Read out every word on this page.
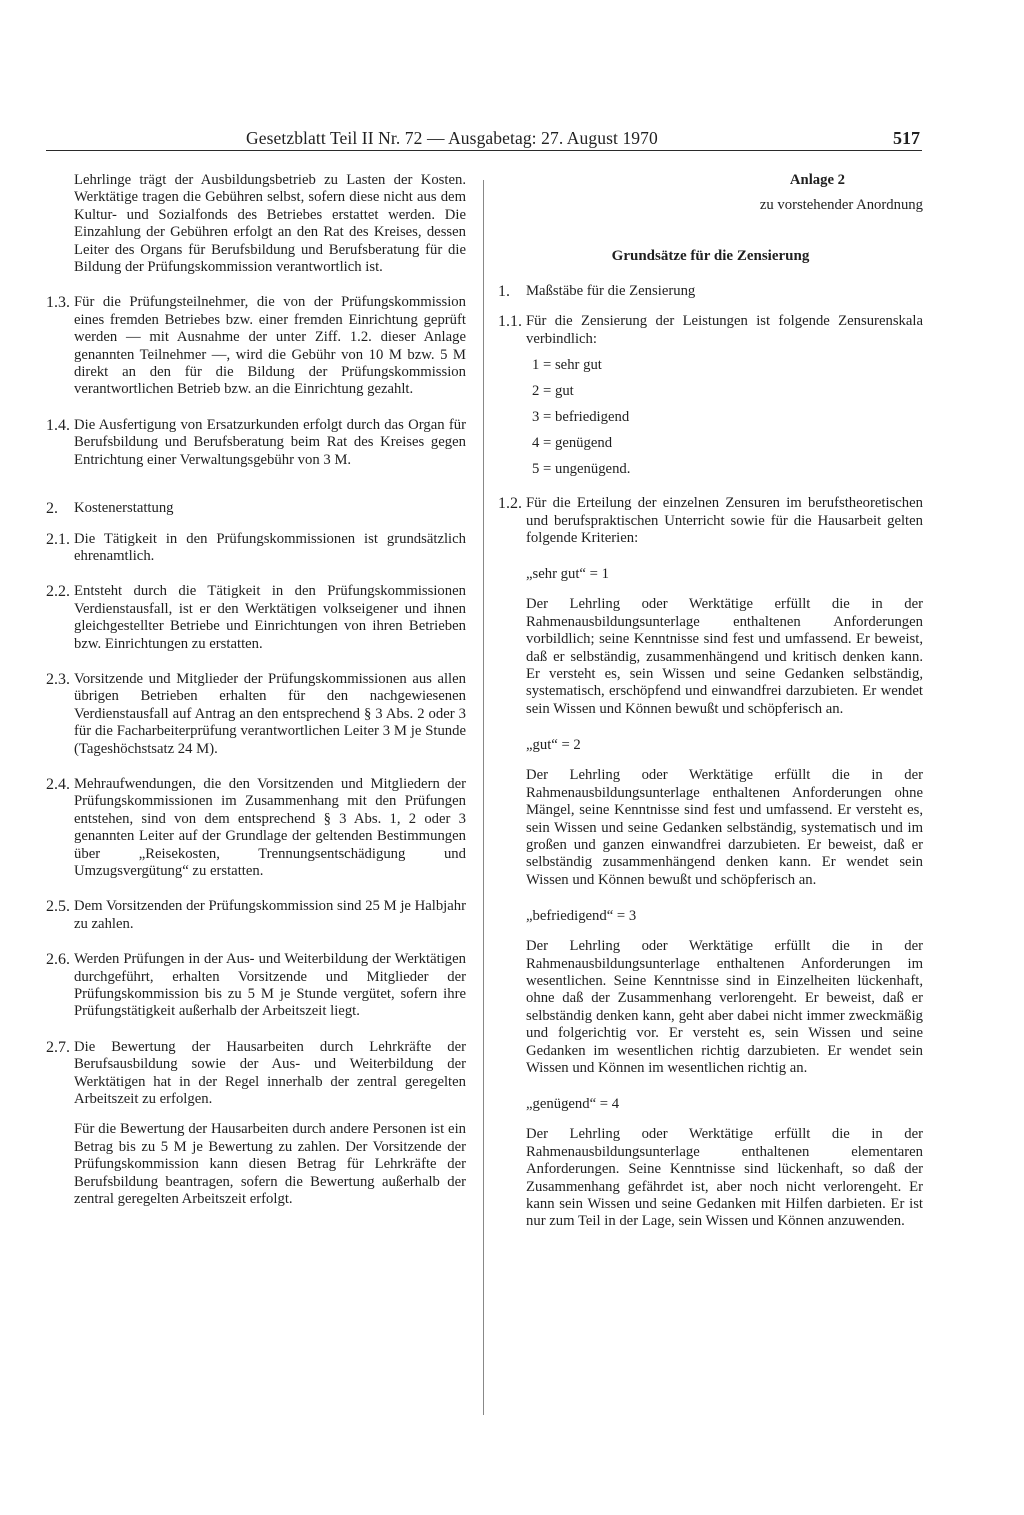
Gesetzblatt Teil II Nr. 72 — Ausgabetag: 27. August 1970	517

Lehrlinge trägt der Ausbildungsbetrieb zu Lasten der Kosten. Werktätige tragen die Gebühren selbst, sofern diese nicht aus dem Kultur- und Sozialfonds des Betriebes erstattet werden. Die Einzahlung der Gebühren erfolgt an den Rat des Kreises, dessen Leiter des Organs für Berufsbildung und Berufsberatung für die Bildung der Prüfungskommission verantwortlich ist.

1.3. Für die Prüfungsteilnehmer, die von der Prüfungskommission eines fremden Betriebes bzw. einer fremden Einrichtung geprüft werden — mit Ausnahme der unter Ziff. 1.2. dieser Anlage genannten Teilnehmer —, wird die Gebühr von 10 M bzw. 5 M direkt an den für die Bildung der Prüfungskommission verantwortlichen Betrieb bzw. an die Einrichtung gezahlt.

1.4. Die Ausfertigung von Ersatzurkunden erfolgt durch das Organ für Berufsbildung und Berufsberatung beim Rat des Kreises gegen Entrichtung einer Verwaltungsgebühr von 3 M.

2. Kostenerstattung

2.1. Die Tätigkeit in den Prüfungskommissionen ist grundsätzlich ehrenamtlich.

2.2. Entsteht durch die Tätigkeit in den Prüfungskommissionen Verdienstausfall, ist er den Werktätigen volkseigener und ihnen gleichgestellter Betriebe und Einrichtungen von ihren Betrieben bzw. Einrichtungen zu erstatten.

2.3. Vorsitzende und Mitglieder der Prüfungskommissionen aus allen übrigen Betrieben erhalten für den nachgewiesenen Verdienstausfall auf Antrag an den entsprechend § 3 Abs. 2 oder 3 für die Facharbeiterprüfung verantwortlichen Leiter 3 M je Stunde (Tageshöchstsatz 24 M).

2.4. Mehraufwendungen, die den Vorsitzenden und Mitgliedern der Prüfungskommissionen im Zusammenhang mit den Prüfungen entstehen, sind von dem entsprechend § 3 Abs. 1, 2 oder 3 genannten Leiter auf der Grundlage der geltenden Bestimmungen über „Reisekosten, Trennungsentschädigung und Umzugsvergütung“ zu erstatten.

2.5. Dem Vorsitzenden der Prüfungskommission sind 25 M je Halbjahr zu zahlen.

2.6. Werden Prüfungen in der Aus- und Weiterbildung der Werktätigen durchgeführt, erhalten Vorsitzende und Mitglieder der Prüfungskommission bis zu 5 M je Stunde vergütet, sofern ihre Prüfungstätigkeit außerhalb der Arbeitszeit liegt.

2.7. Die Bewertung der Hausarbeiten durch Lehrkräfte der Berufsausbildung sowie der Aus- und Weiterbildung der Werktätigen hat in der Regel innerhalb der zentral geregelten Arbeitszeit zu erfolgen.

Für die Bewertung der Hausarbeiten durch andere Personen ist ein Betrag bis zu 5 M je Bewertung zu zahlen. Der Vorsitzende der Prüfungskommission kann diesen Betrag für Lehrkräfte der Berufsbildung beantragen, sofern die Bewertung außerhalb der zentral geregelten Arbeitszeit erfolgt.

Anlage 2
zu vorstehender Anordnung
Grundsätze für die Zensierung
1. Maßstäbe für die Zensierung

1.1. Für die Zensierung der Leistungen ist folgende Zensurenskala verbindlich:

1 = sehr gut
2 = gut
3 = befriedigend
4 = genügend
5 = ungenügend.
1.2. Für die Erteilung der einzelnen Zensuren im berufstheoretischen und berufspraktischen Unterricht sowie für die Hausarbeit gelten folgende Kriterien:

„sehr gut“ = 1

Der Lehrling oder Werktätige erfüllt die in der Rahmenausbildungsunterlage enthaltenen Anforderungen vorbildlich; seine Kenntnisse sind fest und umfassend. Er beweist, daß er selbständig, zusammenhängend und kritisch denken kann. Er versteht es, sein Wissen und seine Gedanken selbständig, systematisch, erschöpfend und einwandfrei darzubieten. Er wendet sein Wissen und Können bewußt und schöpferisch an.

„gut“ = 2

Der Lehrling oder Werktätige erfüllt die in der Rahmenausbildungsunterlage enthaltenen Anforderungen ohne Mängel, seine Kenntnisse sind fest und umfassend. Er versteht es, sein Wissen und seine Gedanken selbständig, systematisch und im großen und ganzen einwandfrei darzubieten. Er beweist, daß er selbständig zusammenhängend denken kann. Er wendet sein Wissen und Können bewußt und schöpferisch an.

„befriedigend“ = 3

Der Lehrling oder Werktätige erfüllt die in der Rahmenausbildungsunterlage enthaltenen Anforderungen im wesentlichen. Seine Kenntnisse sind in Einzelheiten lückenhaft, ohne daß der Zusammenhang verlorengeht. Er beweist, daß er selbständig denken kann, geht aber dabei nicht immer zweckmäßig und folgerichtig vor. Er versteht es, sein Wissen und seine Gedanken im wesentlichen richtig darzubieten. Er wendet sein Wissen und Können im wesentlichen richtig an.

„genügend“ = 4

Der Lehrling oder Werktätige erfüllt die in der Rahmenausbildungsunterlage enthaltenen elementaren Anforderungen. Seine Kenntnisse sind lückenhaft, so daß der Zusammenhang gefährdet ist, aber noch nicht verlorengeht. Er kann sein Wissen und seine Gedanken mit Hilfen darbieten. Er ist nur zum Teil in der Lage, sein Wissen und Können anzuwenden.
